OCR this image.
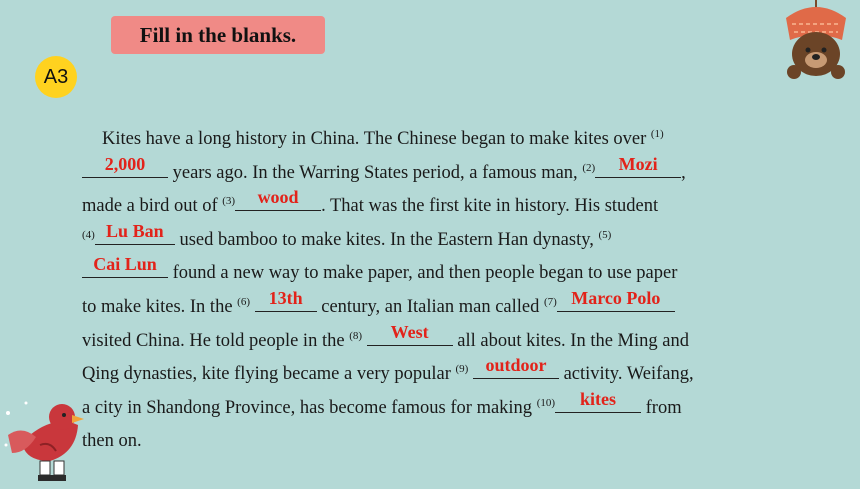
Fill in the blanks.
A3
Kites have a long history in China. The Chinese began to make kites over $^{(1)}$
2,000	years ago. In the Warring States period, a famous man, $^{(2)}$	Mozi	,
made a bird out of $^{(3)}$	wood	. That was the first kite in history. His student
$^{(4)}$ Lu Ban used bamboo to make kites. In the Eastern Han dynasty, $^{(5)}$
Cai Lun found a new way to make paper, and then people began to use paper
to make kites. In the $^{(6)}$	13th century, an Italian man called $^{(7)}$ Marco Polo
visited China. He told people in the $^{(8)}$	West	all about kites. In the Ming and
Qing dynasties, kite flying became a very popular $^{(9)}$ outdoor activity. Weifang,
a city in Shandong Province, has become famous for making $^{(10)}$	kites	from
then on.
